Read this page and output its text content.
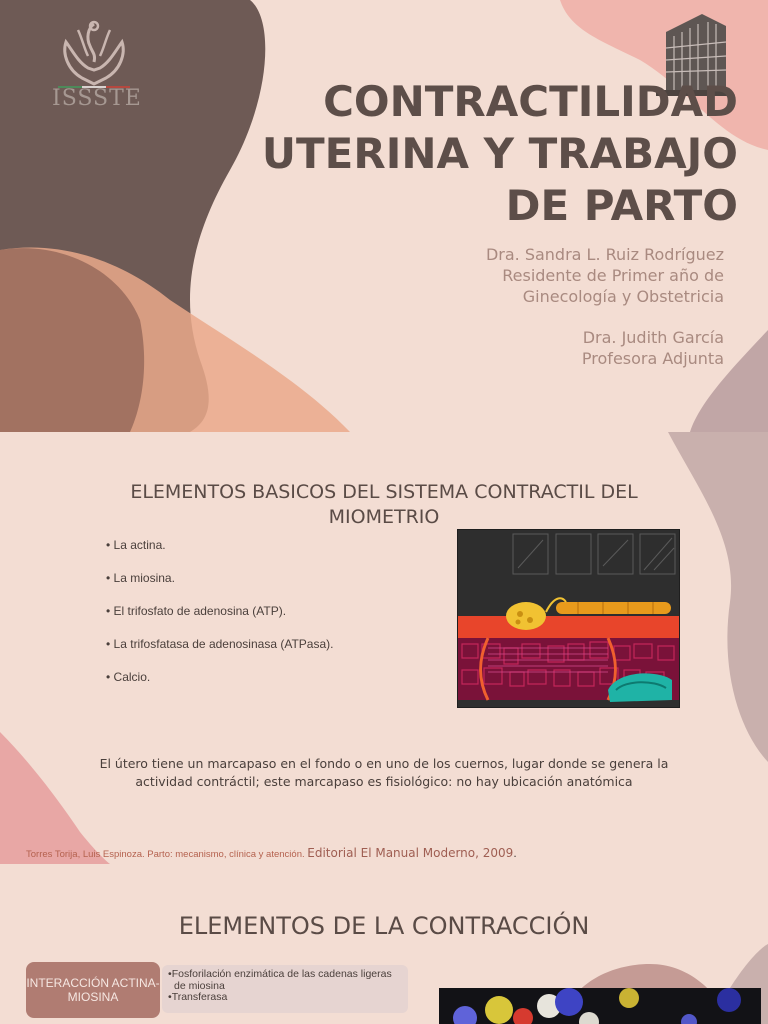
ISSSTE	CONTRACTILIDAD
UTERINA Y TRABAJO
DE PARTO
Dra. Sandra L. Ruiz Rodríguez
Residente de Primer año de
Ginecología y Obstetricia
Dra. Judith García
Profesora Adjunta
ELEMENTOS BASICOS DEL SISTEMA CONTRACTIL DEL MIOMETRIO
• La actina.
• La miosina.
• El trifosfato de adenosina (ATP).
• La trifosfatasa de adenosinasa (ATPasa).
• Calcio.
El útero tiene un marcapaso en el fondo o en uno de los cuernos, lugar donde se genera la actividad contráctil; este marcapaso es fisiológico: no hay ubicación anatómica
Torres Torija, Luis Espinoza. Parto: mecanismo, clínica y atención. Editorial El Manual Moderno, 2009.
ELEMENTOS DE LA CONTRACCIÓN
INTERACCIÓN ACTINA-MIOSINA
• Fosforilación enzimática de las cadenas ligeras de miosina
• Transferasa
